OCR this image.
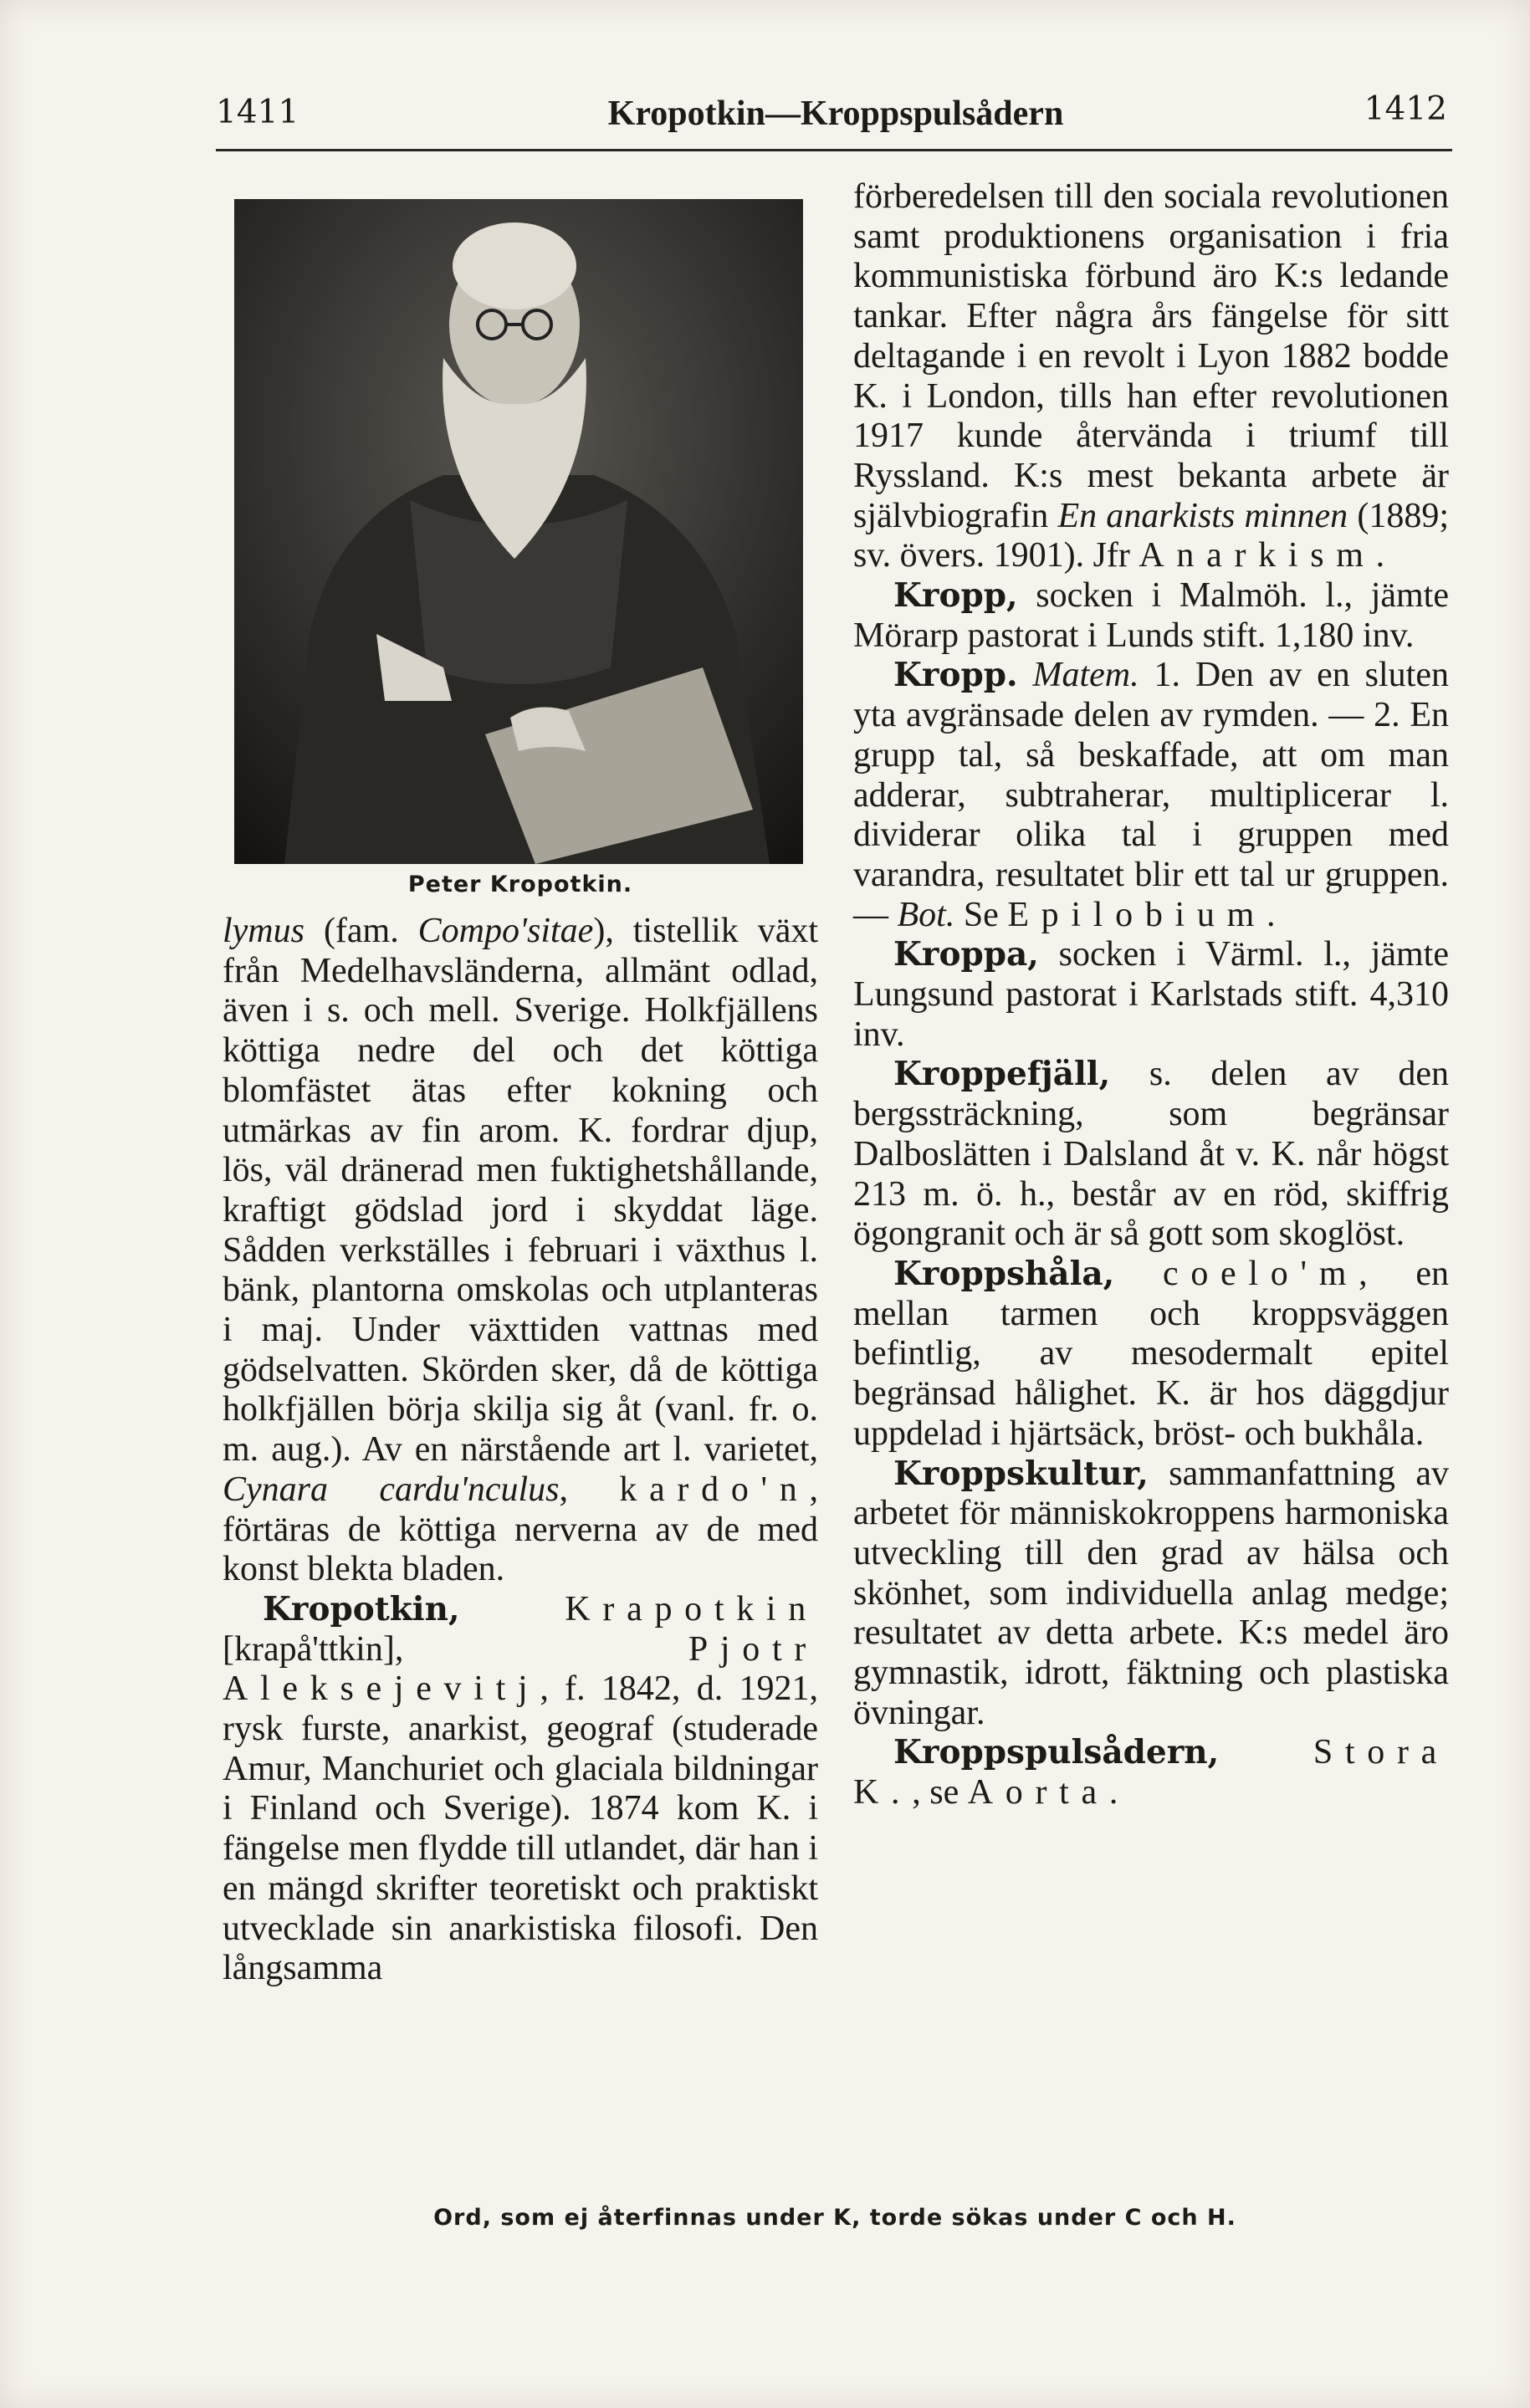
1411	Kropotkin—Kroppspulsådern	1412
Peter Kropotkin.

lymus (fam. Compo'sitae), tistellik växt från Medelhavsländerna, allmänt odlad, även i s. och mell. Sverige. Holkfjällens köttiga nedre del och det köttiga blomfästet ätas efter kokning och utmärkas av fin arom. K. fordrar djup, lös, väl dränerad men fuktighetshållande, kraftigt gödslad jord i skyddat läge. Sådden verkställes i februari i växthus l. bänk, plantorna omskolas och utplanteras i maj. Under växttiden vattnas med gödselvatten. Skörden sker, då de köttiga holkfjällen börja skilja sig åt (vanl. fr. o. m. aug.). Av en närstående art l. varietet, Cynara cardu'nculus, kardo'n, förtäras de köttiga nerverna av de med konst blekta bladen.

Kropotkin,	Krapotkin [krapå'ttkin], Pjotr Aleksejevitj, f. 1842, d. 1921, rysk furste, anarkist, geograf (studerade Amur, Manchuriet och glaciala bildningar i Finland och Sverige). 1874 kom K. i fängelse men flydde till utlandet, där han i en mängd skrifter teoretiskt och praktiskt utvecklade sin anarkistiska filosofi. Den långsamma

förberedelsen till den sociala revolutionen samt produktionens organisation i fria kommunistiska förbund äro K:s ledande tankar. Efter några års fängelse för sitt deltagande i en revolt i Lyon 1882 bodde K. i London, tills han efter revolutionen 1917 kunde återvända i triumf till Ryssland. K:s mest bekanta arbete är självbiografin En anarkists minnen (1889; sv. övers. 1901). Jfr Anarkism.

Kropp, socken i Malmöh. l., jämte Mörarp pastorat i Lunds stift. 1,180 inv.

Kropp. Matem. 1. Den av en sluten yta avgränsade delen av rymden. — 2. En grupp tal, så beskaffade, att om man adderar, subtraherar, multiplicerar l. dividerar olika tal i gruppen med varandra, resultatet blir ett tal ur gruppen. — Bot. Se Epilobium.

Kroppa, socken i Värml. l., jämte Lungsund pastorat i Karlstads stift. 4,310 inv.

Kroppefjäll, s. delen av den bergssträckning, som begränsar Dalboslätten i Dalsland åt v. K. når högst 213 m. ö. h., består av en röd, skiffrig ögongranit och är så gott som skoglöst.

Kroppshåla, coelo'm, en mellan tarmen och kroppsväggen befintlig, av mesodermalt epitel begränsad hålighet. K. är hos däggdjur uppdelad i hjärtsäck, bröst- och bukhåla.

Kroppskultur, sammanfattning av arbetet för människokroppens harmoniska utveckling till den grad av hälsa och skönhet, som individuella anlag medge; resultatet av detta arbete. K:s medel äro gymnastik, idrott, fäktning och plastiska övningar.

Kroppspulsådern,	Stora K., se Aorta.

Ord, som ej återfinnas under K, torde sökas under C och H.
